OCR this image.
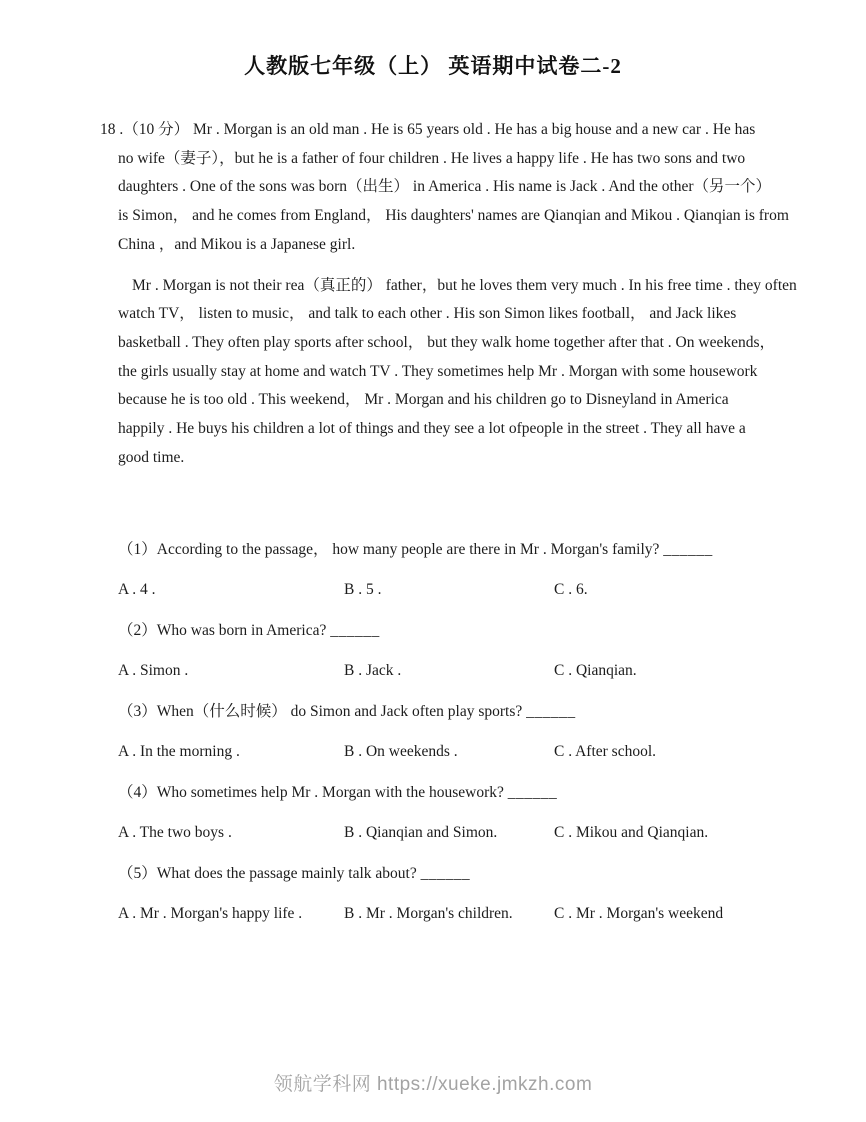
人教版七年级（上） 英语期中试卷二-2
18 .（10 分） Mr . Morgan is an old man . He is 65 years old . He has a big house and a new car . He has
no wife（妻子），but he is a father of four children . He lives a happy life . He has two sons and two
daughters . One of the sons was born（出生） in America . His name is Jack . And the other（另一个）
is Simon， and he comes from England， His daughters' names are Qianqian and Mikou . Qianqian is from
China ，and Mikou is a Japanese girl.
Mr . Morgan is not their rea（真正的） father，but he loves them very much . In his free time . they often
watch TV， listen to music， and talk to each other . His son Simon likes football， and Jack likes
basketball . They often play sports after school， but they walk home together after that . On weekends，
the girls usually stay at home and watch TV . They sometimes help Mr . Morgan with some housework
because he is too old . This weekend， Mr . Morgan and his children go to Disneyland in America
happily . He buys his children a lot of things and they see a lot ofpeople in the street . They all have a
good time.
（1）According to the passage， how many people are there in Mr . Morgan's family? ______
A . 4 .	B . 5 .	C . 6.
（2）Who was born in America? ______
A . Simon .	B . Jack .	C . Qianqian.
（3）When（什么时候） do Simon and Jack often play sports? ______
A . In the morning .	B . On weekends .	C . After school.
（4）Who sometimes help Mr . Morgan with the housework? ______
A . The two boys .	B . Qianqian and Simon.	C . Mikou and Qianqian.
（5）What does the passage mainly talk about? ______
A . Mr . Morgan's happy life .	B . Mr . Morgan's children.	C . Mr . Morgan's weekend
领航学科网 https://xueke.jmkzh.com
